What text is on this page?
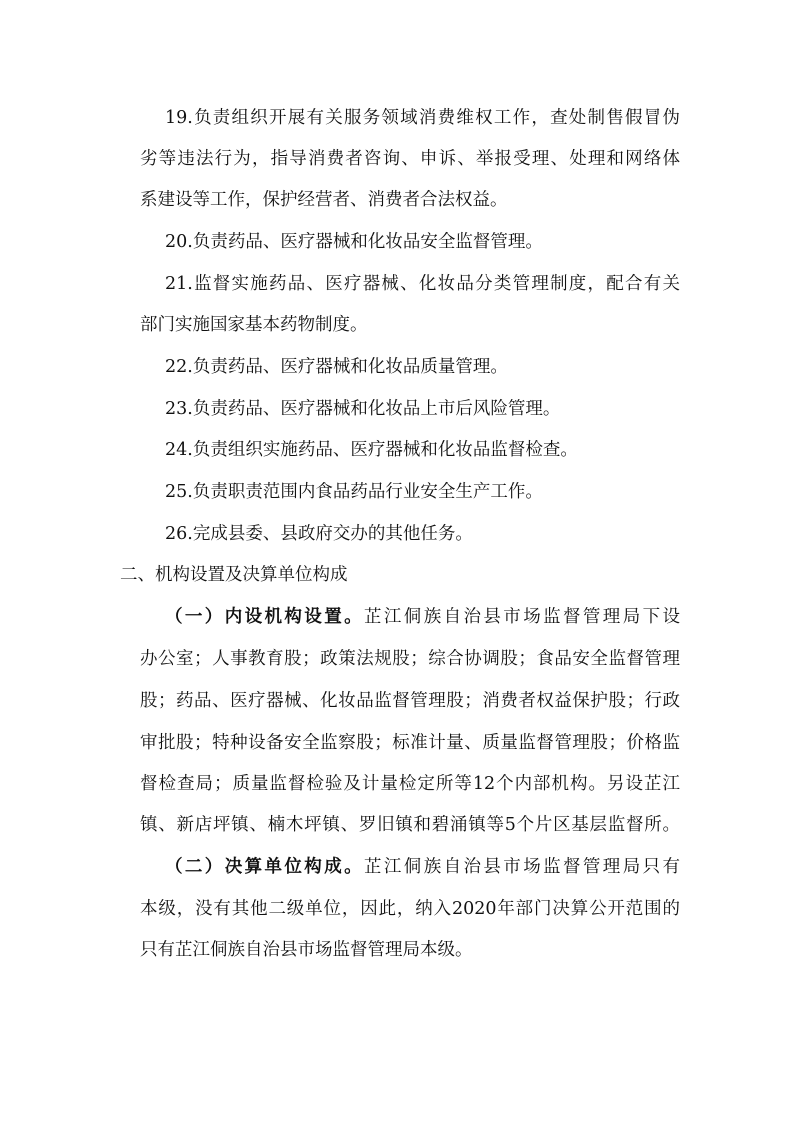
19.负责组织开展有关服务领域消费维权工作，查处制售假冒伪
劣等违法行为，指导消费者咨询、申诉、举报受理、处理和网络体
系建设等工作，保护经营者、消费者合法权益。
20.负责药品、医疗器械和化妆品安全监督管理。
21.监督实施药品、医疗器械、化妆品分类管理制度，配合有关
部门实施国家基本药物制度。
22.负责药品、医疗器械和化妆品质量管理。
23.负责药品、医疗器械和化妆品上市后风险管理。
24.负责组织实施药品、医疗器械和化妆品监督检查。
25.负责职责范围内食品药品行业安全生产工作。
26.完成县委、县政府交办的其他任务。
二、机构设置及决算单位构成
（一）内设机构设置。芷江侗族自治县市场监督管理局下设
办公室；人事教育股；政策法规股；综合协调股；食品安全监督管理
股；药品、医疗器械、化妆品监督管理股；消费者权益保护股；行政
审批股；特种设备安全监察股；标准计量、质量监督管理股；价格监
督检查局；质量监督检验及计量检定所等12个内部机构。另设芷江
镇、新店坪镇、楠木坪镇、罗旧镇和碧涌镇等5个片区基层监督所。
（二）决算单位构成。芷江侗族自治县市场监督管理局只有
本级，没有其他二级单位，因此，纳入2020年部门决算公开范围的
只有芷江侗族自治县市场监督管理局本级。
